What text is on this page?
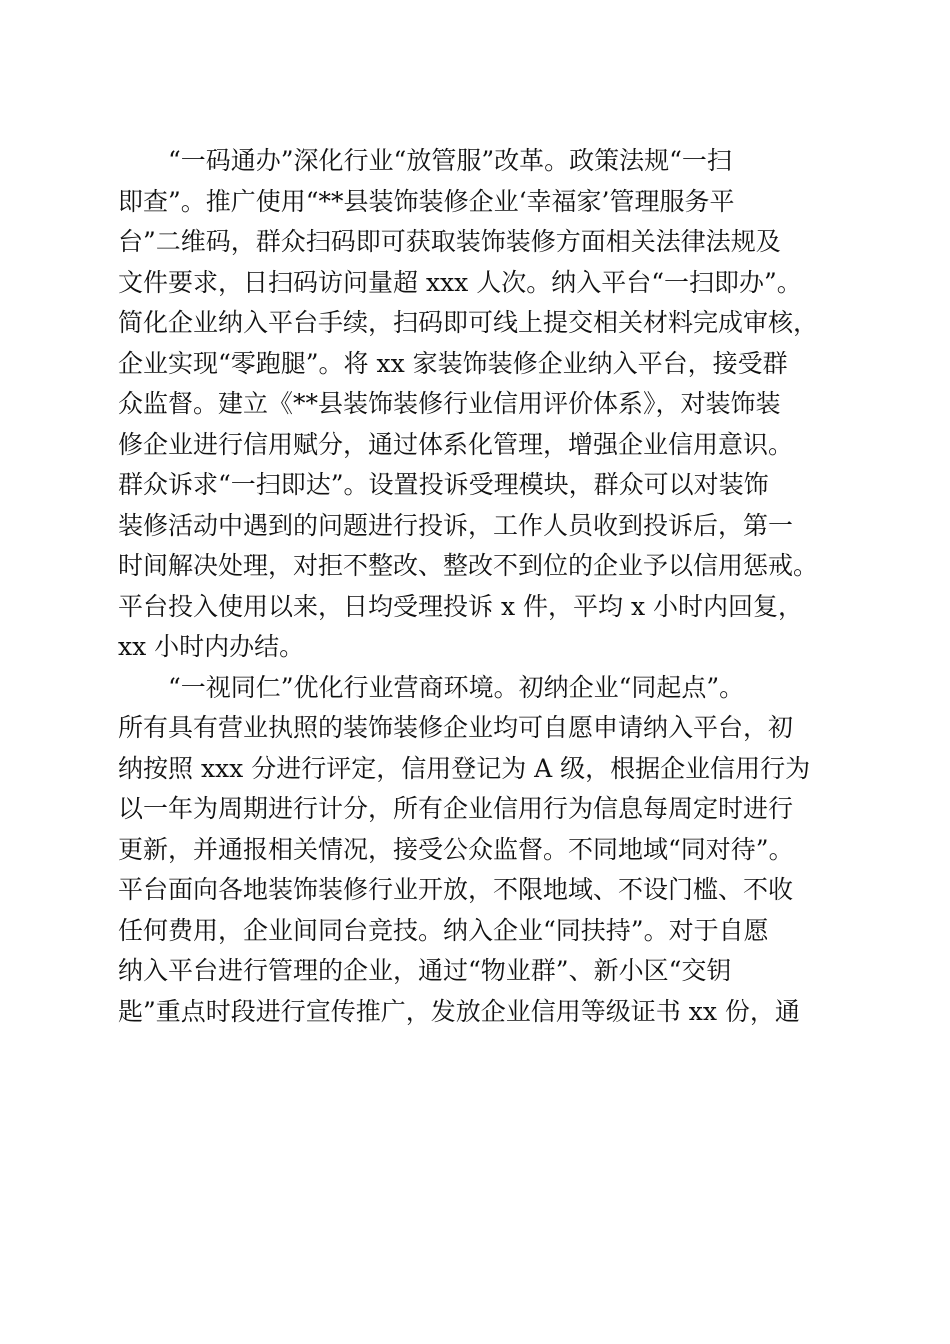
“一码通办”深化行业“放管服”改革。政策法规“一扫
即查”。推广使用“**县装饰装修企业‘幸福家’管理服务平
台”二维码，群众扫码即可获取装饰装修方面相关法律法规及
文件要求，日扫码访问量超 xxx 人次。纳入平台“一扫即办”。
简化企业纳入平台手续，扫码即可线上提交相关材料完成审核，
企业实现“零跑腿”。将 xx 家装饰装修企业纳入平台，接受群
众监督。建立《**县装饰装修行业信用评价体系》，对装饰装
修企业进行信用赋分，通过体系化管理，增强企业信用意识。
群众诉求“一扫即达”。设置投诉受理模块，群众可以对装饰
装修活动中遇到的问题进行投诉，工作人员收到投诉后，第一
时间解决处理，对拒不整改、整改不到位的企业予以信用惩戒。
平台投入使用以来，日均受理投诉 x 件，平均 x 小时内回复，
xx 小时内办结。
“一视同仁”优化行业营商环境。初纳企业“同起点”。
所有具有营业执照的装饰装修企业均可自愿申请纳入平台，初
纳按照 xxx 分进行评定，信用登记为 A 级，根据企业信用行为
以一年为周期进行计分，所有企业信用行为信息每周定时进行
更新，并通报相关情况，接受公众监督。不同地域“同对待”。
平台面向各地装饰装修行业开放，不限地域、不设门槛、不收
任何费用，企业间同台竞技。纳入企业“同扶持”。对于自愿
纳入平台进行管理的企业，通过“物业群”、新小区“交钥
匙”重点时段进行宣传推广，发放企业信用等级证书 xx 份，通
